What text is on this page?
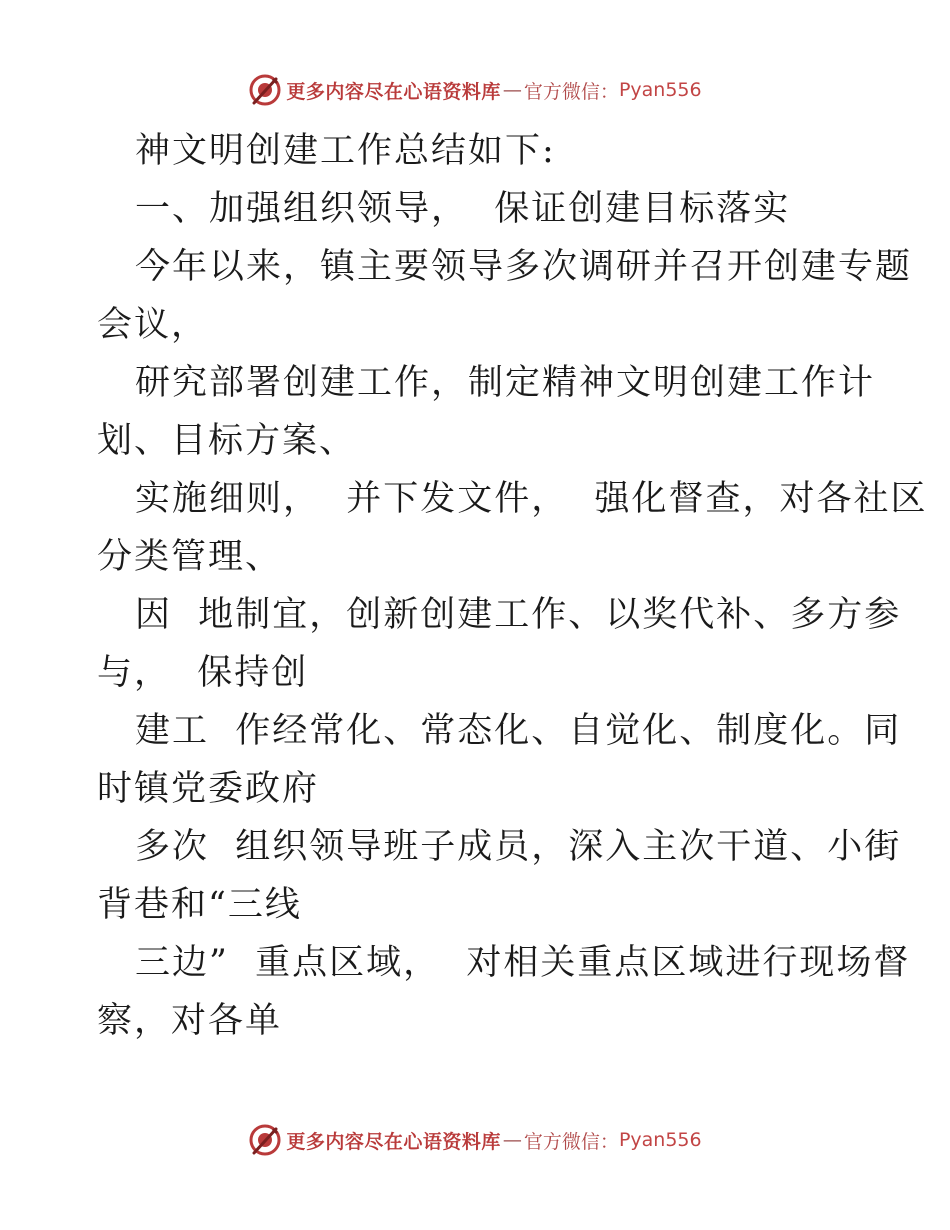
更多内容尽在心语资料库 — 官方微信： Pyan556
神文明创建工作总结如下:
一、加强组织领导，  保证创建目标落实
今年以来，镇主要领导多次调研并召开创建专题
会议，
研究部署创建工作，制定精神文明创建工作计
划、目标方案、
实施细则，  并下发文件，  强化督查，对各社区
分类管理、
因  地制宜，创新创建工作、以奖代补、多方参
与，  保持创
建工  作经常化、常态化、自觉化、制度化。同
时镇党委政府
多次  组织领导班子成员，深入主次干道、小街
背巷和“三线
三边”  重点区域，  对相关重点区域进行现场督
察，对各单
更多内容尽在心语资料库 — 官方微信： Pyan556
